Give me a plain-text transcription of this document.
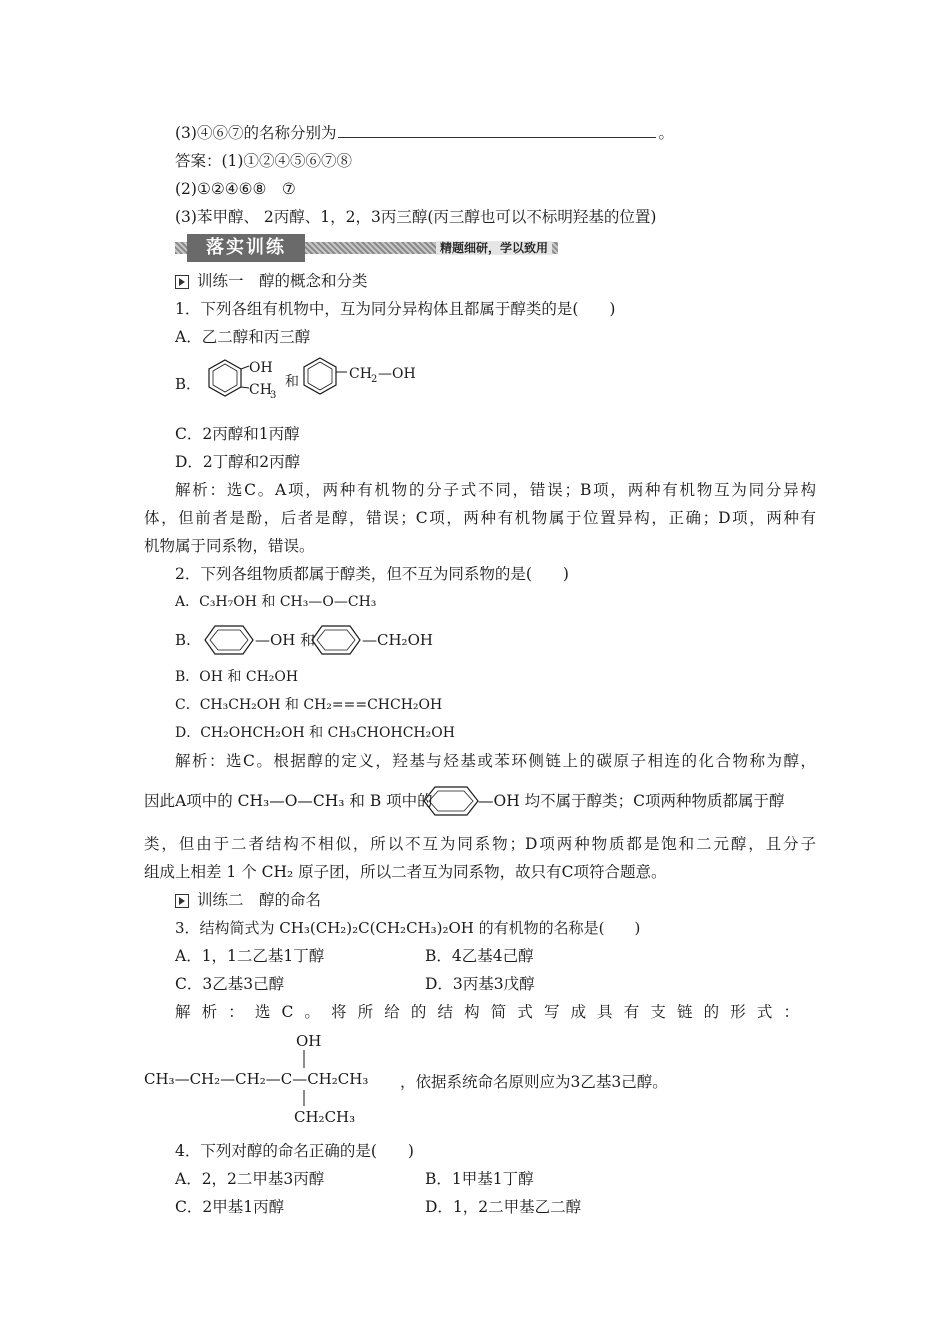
(3)④⑥⑦的名称分别为	。
答案：(1)①②④⑤⑥⑦⑧
(2)①②④⑥⑧　⑦
(3)苯甲醇、 2丙醇、1，2，3丙三醇(丙三醇也可以不标明羟基的位置)
落实训练	精题细研，学以致用
训练一　醇的概念和分类
1．下列各组有机物中，互为同分异构体且都属于醇类的是(　　)
A．乙二醇和丙三醇
B．
OH
CH
3
和	CH 2 —OH
C．2丙醇和1丙醇
D．2丁醇和2丙醇
解析：选C。A项，两种有机物的分子式不同，错误；B项，两种有机物互为同分异构
体，但前者是酚，后者是醇，错误；C项，两种有机物属于位置异构，正确；D项，两种有
机物属于同系物，错误。
2．下列各组物质都属于醇类，但不互为同系物的是(　　)
A．C₃H₇OH 和 CH₃—O—CH₃
B.	—OH 和	—CH₂OH
B．OH 和 CH₂OH
C．CH₃CH₂OH 和 CH₂===CHCH₂OH
D．CH₂OHCH₂OH 和 CH₃CHOHCH₂OH
解析：选C。根据醇的定义，羟基与烃基或苯环侧链上的碳原子相连的化合物称为醇，
因此A项中的 CH₃—O—CH₃ 和 B 项中的	—OH 均不属于醇类；C项两种物质都属于醇
类，但由于二者结构不相似，所以不互为同系物；D项两种物质都是饱和二元醇，且分子
组成上相差 1 个 CH₂ 原子团，所以二者互为同系物，故只有C项符合题意。
训练二　醇的命名
3．结构简式为 CH₃(CH₂)₂C(CH₂CH₃)₂OH 的有机物的名称是(　　)
A．1，1二乙基1丁醇	B．4乙基4己醇
C．3乙基3己醇	D．3丙基3戊醇
解析：选C。将所给的结构简式写成具有支链的形式：
OH
CH₃—CH₂—CH₂—C—CH₂CH₃
CH₂CH₃
，依据系统命名原则应为3乙基3己醇。
4．下列对醇的命名正确的是(　　)
A．2，2二甲基3丙醇	B．1甲基1丁醇
C．2甲基1丙醇	D．1，2二甲基乙二醇
